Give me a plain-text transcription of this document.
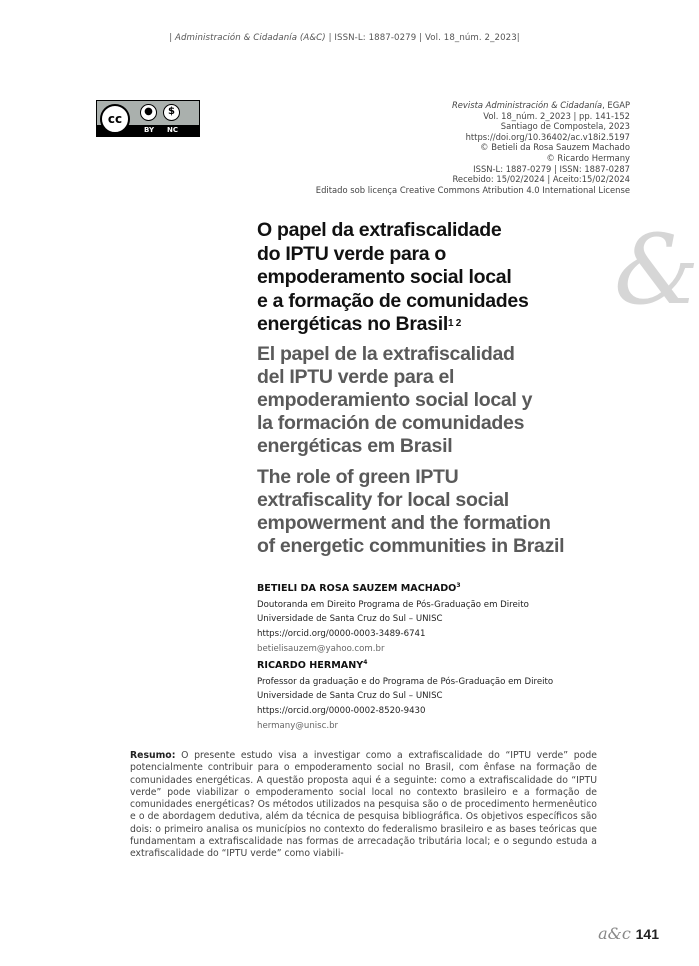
| Administración & Cidadanía (A&C) | ISSN-L: 1887-0279 | Vol. 18_núm. 2_2023|
cc
●	$
BY NC
Revista Administración & Cidadanía, EGAP
Vol. 18_núm. 2_2023 | pp. 141-152
Santiago de Compostela, 2023
https://doi.org/10.36402/ac.v18i2.5197
© Betieli da Rosa Sauzem Machado
© Ricardo Hermany
ISSN-L: 1887-0279 | ISSN: 1887-0287
Recebido: 15/02/2024 | Aceito:15/02/2024
Editado sob licença Creative Commons Atribution 4.0 International License
&
O papel da extrafiscalidade
do IPTU verde para o
empoderamento social local
e a formação de comunidades
energéticas no Brasil$^{1 2}$
El papel de la extrafiscalidad
del IPTU verde para el
empoderamiento social local y
la formación de comunidades
energéticas em Brasil
The role of green IPTU
extrafiscality for local social
empowerment and the formation
of energetic communities in Brazil
BETIELI DA ROSA SAUZEM MACHADO$^3$
Doutoranda em Direito Programa de Pós-Graduação em Direito
Universidade de Santa Cruz do Sul – UNISC
https://orcid.org/0000-0003-3489-6741
betielisauzem@yahoo.com.br
RICARDO HERMANY$^4$
Professor da graduação e do Programa de Pós-Graduação em Direito
Universidade de Santa Cruz do Sul – UNISC
https://orcid.org/0000-0002-8520-9430
hermany@unisc.br
Resumo: O presente estudo visa a investigar como a extrafiscalidade do “IPTU verde” pode potencialmente contribuir para o empoderamento social no Brasil, com ênfase na formação de comunidades energéticas. A questão proposta aqui é a seguinte: como a extrafiscalidade do “IPTU verde” pode viabilizar o empoderamento social local no contexto brasileiro e a formação de comunidades energéticas? Os métodos utilizados na pesquisa são o de procedimento hermenêutico e o de abordagem dedutiva, além da técnica de pesquisa bibliográfica. Os objetivos específicos são dois: o primeiro analisa os municípios no contexto do federalismo brasileiro e as bases teóricas que fundamentam a extrafiscalidade nas formas de arrecadação tributária local; e o segundo estuda a extrafiscalidade do “IPTU verde” como viabili-
a&c 141
